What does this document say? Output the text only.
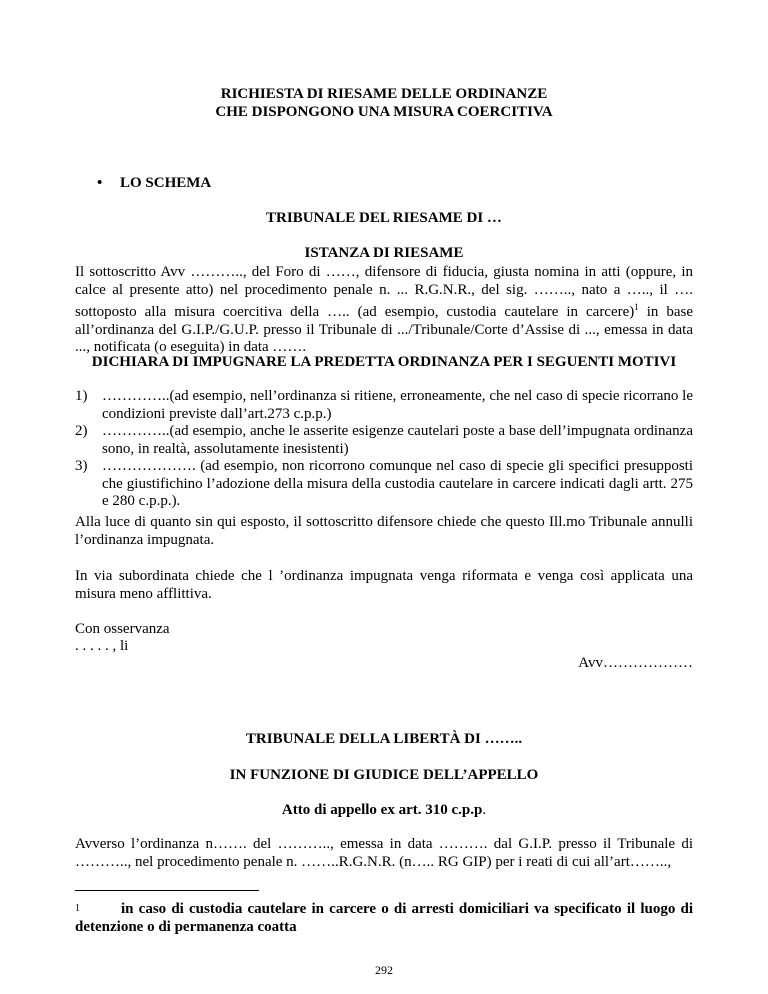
RICHIESTA DI RIESAME DELLE ORDINANZE
CHE DISPONGONO UNA MISURA COERCITIVA
• LO SCHEMA
TRIBUNALE DEL RIESAME DI …
ISTANZA DI RIESAME
Il sottoscritto Avv ……….., del Foro di ……, difensore di fiducia, giusta nomina in atti (oppure, in calce al presente atto) nel procedimento penale n. ... R.G.N.R., del sig. …….., nato a ….., il …. sottoposto alla misura coercitiva della ….. (ad esempio, custodia cautelare in carcere)$^1$ in base all’ordinanza del G.I.P./G.U.P. presso il Tribunale di .../Tribunale/Corte d’Assise di ..., emessa in data ..., notificata (o eseguita) in data …….
DICHIARA DI IMPUGNARE LA PREDETTA ORDINANZA PER I SEGUENTI MOTIVI
1) …………..(ad esempio, nell’ordinanza si ritiene, erroneamente, che nel caso di specie ricorrano le condizioni previste dall’art.273 c.p.p.)
2) …………..(ad esempio, anche le asserite esigenze cautelari poste a base dell’impugnata ordinanza sono, in realtà, assolutamente inesistenti)
3) ………………. (ad esempio, non ricorrono comunque nel caso di specie gli specifici presupposti che giustifichino l’adozione della misura della custodia cautelare in carcere indicati dagli artt. 275 e 280 c.p.p.).
Alla luce di quanto sin qui esposto, il sottoscritto difensore chiede che questo Ill.mo Tribunale annulli l’ordinanza impugnata.
In via subordinata chiede che l ’ordinanza impugnata venga riformata e venga così applicata una misura meno afflittiva.
Con osservanza
. . . . . , li
Avv………………
TRIBUNALE DELLA LIBERTÀ DI ……..
IN FUNZIONE DI GIUDICE DELL’APPELLO
Atto di appello ex art. 310 c.p.p.
Avverso l’ordinanza n……. del ……….., emessa in data ………. dal G.I.P. presso il Tribunale di ……….., nel procedimento penale n. ……..R.G.N.R. (n….. RG GIP) per i reati di cui all’art……..,
1	in caso di custodia cautelare in carcere o di arresti domiciliari va specificato il luogo di detenzione o di permanenza coatta
292
